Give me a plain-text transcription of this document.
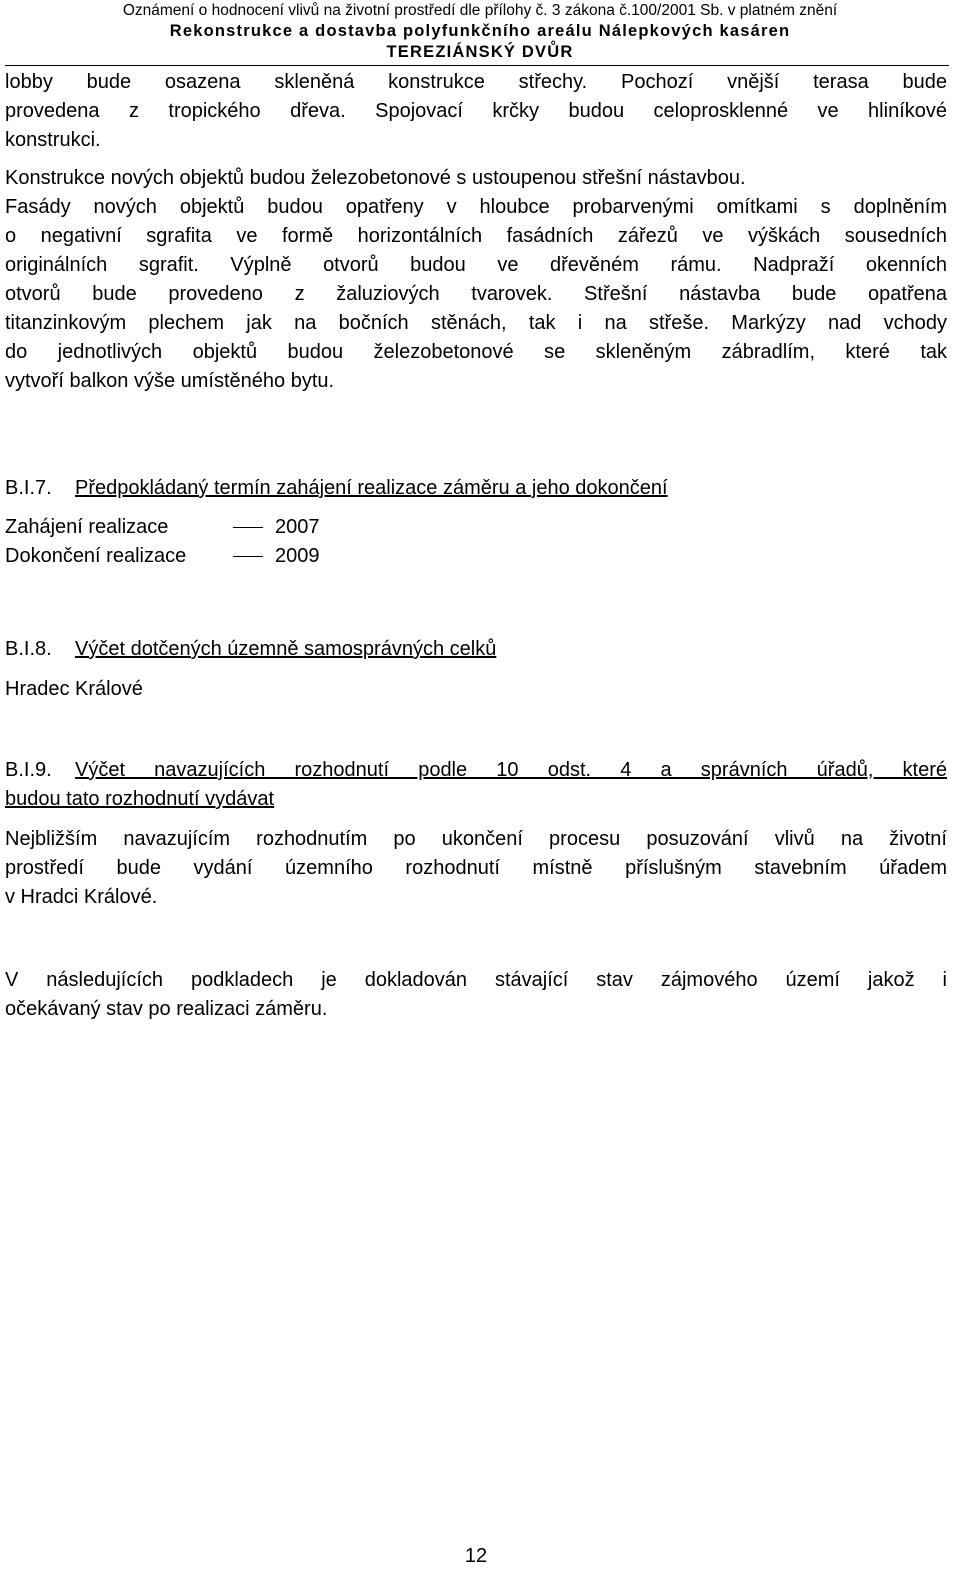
Oznámení o hodnocení vlivů na životní prostředí dle přílohy č. 3 zákona č.100/2001 Sb. v platném znění
Rekonstrukce a dostavba polyfunkčního areálu Nálepkových kasáren
TEREZIÁNSKÝ DVŮR
lobby bude osazena skleněná konstrukce střechy. Pochozí vnější terasa bude
provedena z tropického dřeva. Spojovací krčky budou celoprosklenné ve hliníkové
konstrukci.
Konstrukce nových objektů budou železobetonové s ustoupenou střešní nástavbou.
Fasády nových objektů budou opatřeny v hloubce probarvenými omítkami s doplněním
o negativní sgrafita ve formě horizontálních fasádních zářezů ve výškách sousedních
originálních sgrafit. Výplně otvorů budou ve dřevěném rámu. Nadpraží okenních
otvorů bude provedeno z žaluziových tvarovek. Střešní nástavba bude opatřena
titanzinkovým plechem jak na bočních stěnách, tak i na střeše. Markýzy nad vchody
do jednotlivých objektů budou železobetonové se skleněným zábradlím, které tak
vytvoří balkon výše umístěného bytu.

B.I.7. Předpokládaný termín zahájení realizace záměru a jeho dokončení

Zahájení realizace	2007
Dokončení realizace	2009

B.I.8. Výčet dotčených územně samosprávných celků

Hradec Králové

B.I.9. Výčet navazujících rozhodnutí podle 10 odst. 4 a správních úřadů, které
budou tato rozhodnutí vydávat
Nejbližším navazujícím rozhodnutím po ukončení procesu posuzování vlivů na životní
prostředí bude vydání územního rozhodnutí místně příslušným stavebním úřadem
v Hradci Králové.
V následujících podkladech je dokladován stávající stav zájmového území jakož i
očekávaný stav po realizaci záměru.
12
